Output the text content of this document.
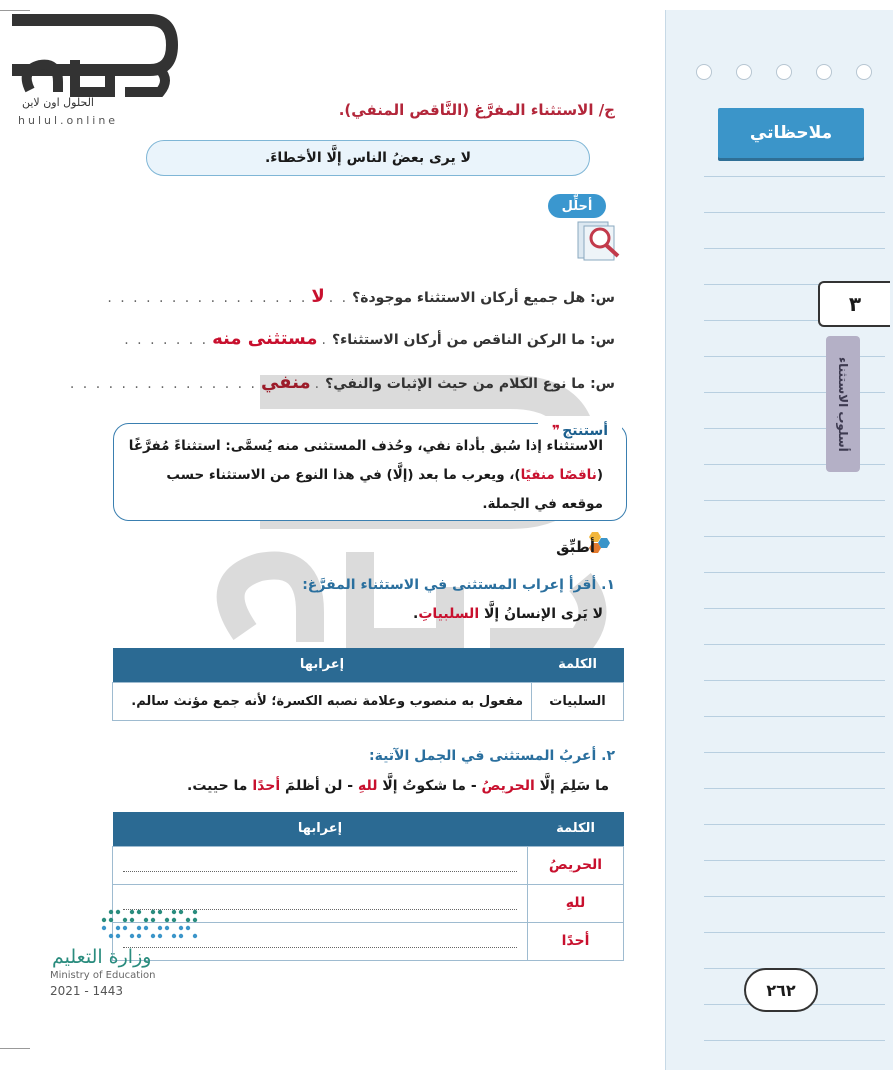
ملاحظاتي
٣
أسلوب الاستثناء
٢٦٢
الحلول اون لاين
hulul.online
ج/ الاستثناء المفرَّغ (النَّاقص المنفي).
لا يرى بعضُ الناس إلَّا الأخطاءَ.
أحلِّل
س: هل جميع أركان الاستثناء موجودة؟
. .
لا
. . . . . . . . . . . . . . . .
س: ما الركن الناقص من أركان الاستثناء؟
.
مستثنى منه
. . . . . . .
س: ما نوع الكلام من حيث الإثبات والنفي؟
.
منفي
. . . . . . . . . . . . . . .
أستنتج
❞
الاستثناء إذا سُبق بأداة نفي، وحُذف المستثنى منه يُسمَّى: استثناءً مُفرَّغًا (ناقصًا منفيًا)، ويعرب ما بعد (إلَّا) في هذا النوع من الاستثناء حسب موقعه في الجملة.
أطبِّق
١. أقرأ إعراب المستثنى في الاستثناء المفرَّغ:
لا يَرى الإنسانُ إلَّا السلبياتِ.
الكلمة	إعرابها
السلبيات	مفعول به منصوب وعلامة نصبه الكسرة؛ لأنه جمع مؤنث سالم.
٢. أعربُ المستثنى في الجمل الآتية:
ما سَلِمَ إلَّا الحريصُ - ما شكوتُ إلَّا للهِ - لن أظلمَ أحدًا ما حييت.
الكلمة	إعرابها
الحريصُ	

للهِ	

أحدًا	
وزارة التعليم
Ministry of Education
2021 - 1443
